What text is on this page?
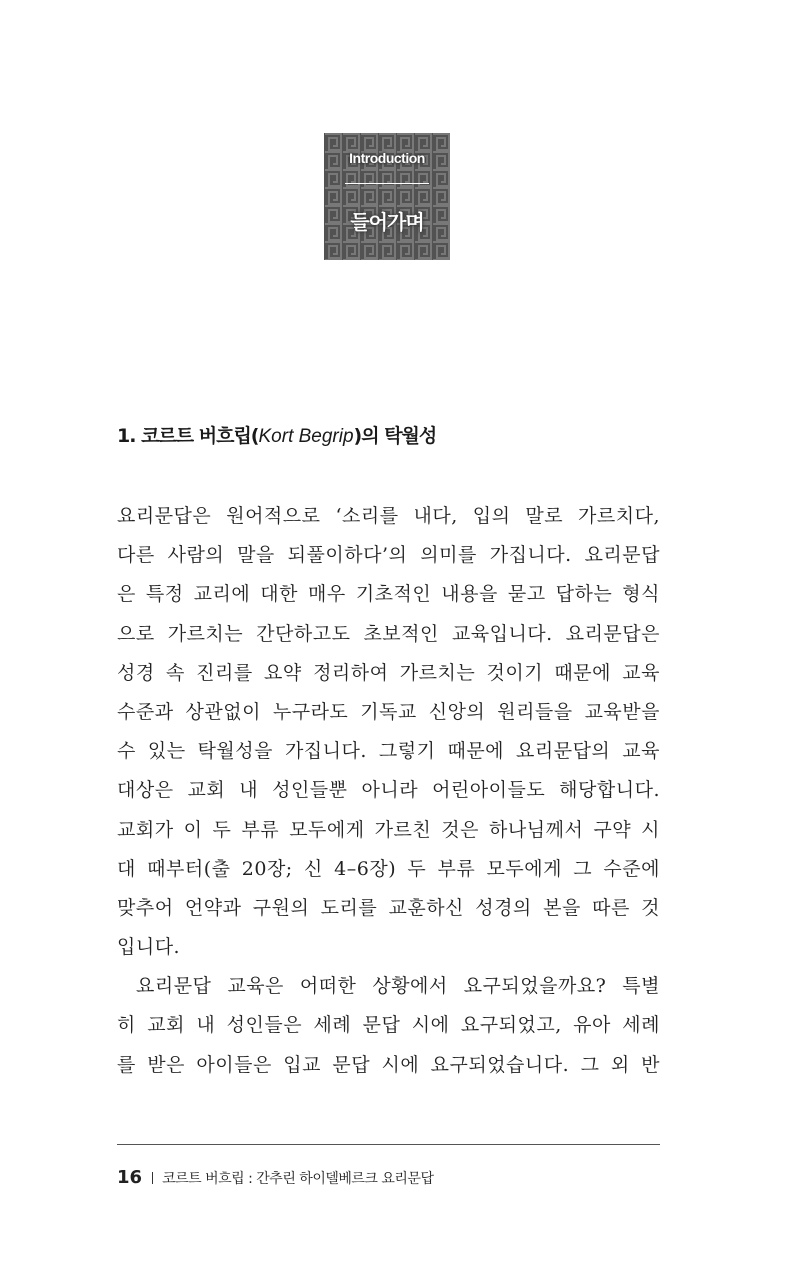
Introduction
들어가며
1. 코르트 버흐립(Kort Begrip)의 탁월성
요리문답은 원어적으로 ‘소리를 내다, 입의 말로 가르치다,
다른 사람의 말을 되풀이하다’의 의미를 가집니다. 요리문답
은 특정 교리에 대한 매우 기초적인 내용을 묻고 답하는 형식
으로 가르치는 간단하고도 초보적인 교육입니다. 요리문답은
성경 속 진리를 요약 정리하여 가르치는 것이기 때문에 교육
수준과 상관없이 누구라도 기독교 신앙의 원리들을 교육받을
수 있는 탁월성을 가집니다. 그렇기 때문에 요리문답의 교육
대상은 교회 내 성인들뿐 아니라 어린아이들도 해당합니다.
교회가 이 두 부류 모두에게 가르친 것은 하나님께서 구약 시
대 때부터(출 20장; 신 4–6장) 두 부류 모두에게 그 수준에
맞추어 언약과 구원의 도리를 교훈하신 성경의 본을 따른 것
입니다.
요리문답 교육은 어떠한 상황에서 요구되었을까요? 특별
히 교회 내 성인들은 세례 문답 시에 요구되었고, 유아 세례
를 받은 아이들은 입교 문답 시에 요구되었습니다. 그 외 반
16 코르트 버흐립 : 간추린 하이델베르크 요리문답
